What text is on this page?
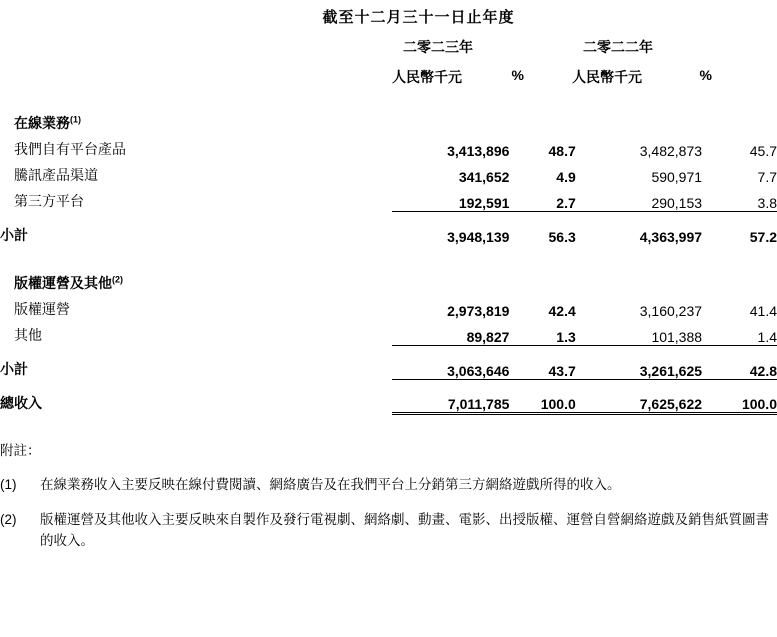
截至十二月三十一日止年度
二零二三年	二零二二年
人民幣千元	%	人民幣千元	%
在線業務$^{(1)}$				
我們自有平台產品	3,413,896	48.7	3,482,873	45.7
騰訊產品渠道	341,652	4.9	590,971	7.7
第三方平台	192,591	2.7	290,153	3.8
小計	3,948,139	56.3	4,363,997	57.2

版權運營及其他$^{(2)}$				
版權運營	2,973,819	42.4	3,160,237	41.4
其他	89,827	1.3	101,388	1.4
小計	3,063,646	43.7	3,261,625	42.8
總收入	7,011,785	100.0	7,625,622	100.0
附註：
(1)	在線業務收入主要反映在線付費閱讀、網絡廣告及在我們平台上分銷第三方網絡遊戲所得的收入。
(2)	版權運營及其他收入主要反映來自製作及發行電視劇、網絡劇、動畫、電影、出授版權、運營自營網絡遊戲及銷售紙質圖書的收入。
